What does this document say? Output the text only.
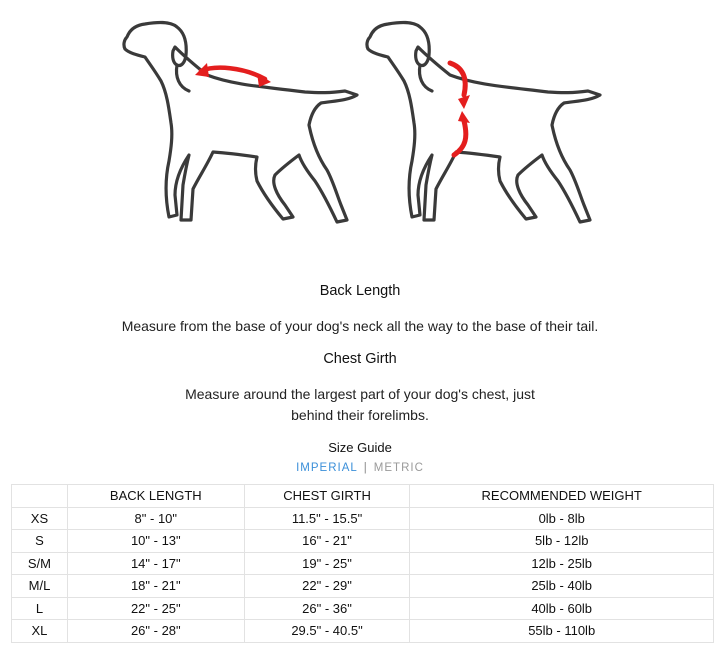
Back Length

Measure from the base of your dog's neck all the way to the base of their tail.

Chest Girth

Measure around the largest part of your dog's chest, just
behind their forelimbs.

Size Guide
IMPERIAL | METRIC
	BACK LENGTH	CHEST GIRTH	RECOMMENDED WEIGHT
XS	8" - 10"	11.5" - 15.5"	0lb - 8lb
S	10" - 13"	16" - 21"	5lb - 12lb
S/M	14" - 17"	19" - 25"	12lb - 25lb
M/L	18" - 21"	22" - 29"	25lb - 40lb
L	22" - 25"	26" - 36"	40lb - 60lb
XL	26" - 28"	29.5" - 40.5"	55lb - 110lb
